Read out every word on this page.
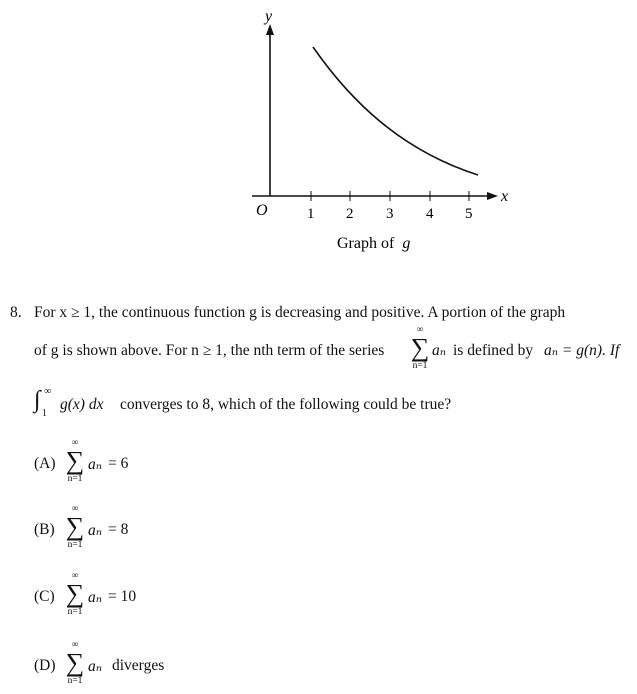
y
x
O	1 2 3 4 5
Graph of g
8. For x ≥ 1, the continuous function g is decreasing and positive. A portion of the graph
of g is shown above. For n ≥ 1, the nth term of the series
∞
∑
n=1
aₙ is defined by aₙ = g(n). If
∫ ∞
1
g(x) dx converges to 8, which of the following could be true?
(A)
∞
∑
n=1
aₙ = 6
(B)
∞
∑
n=1
aₙ = 8
(C)
∞
∑
n=1
aₙ = 10
(D)
∞
∑
n=1
aₙ diverges
